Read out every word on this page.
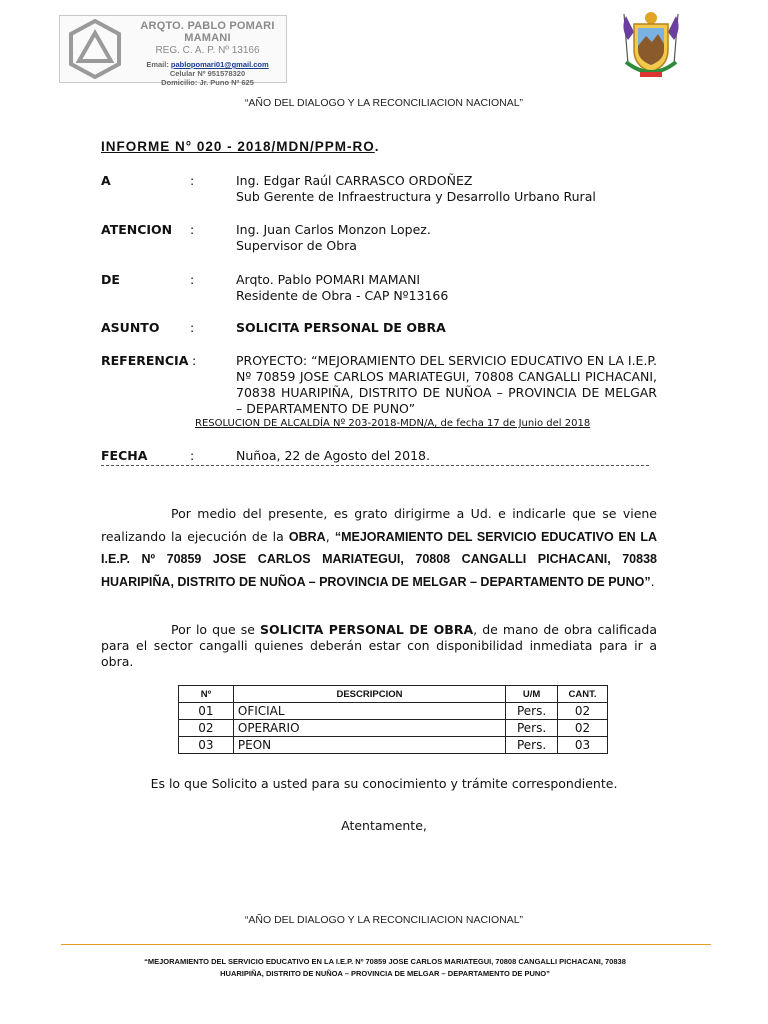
ARQTO. PABLO POMARI MAMANI
REG. C. A. P. Nº 13166
Email: pablopomari01@gmail.com
Celular Nº 951578320
Domicilio: Jr. Puno Nº 625
“AÑO DEL DIALOGO Y LA RECONCILIACION NACIONAL”
INFORME N° 020 - 2018/MDN/PPM-RO.
A	:	Ing. Edgar Raúl CARRASCO ORDOÑEZ
Sub Gerente de Infraestructura y Desarrollo Urbano Rural
ATENCION :	Ing. Juan Carlos Monzon Lopez.
Supervisor de Obra
DE	:	Arqto. Pablo POMARI MAMANI
Residente de Obra - CAP Nº13166
ASUNTO :	SOLICITA PERSONAL DE OBRA
REFERENCIA :	PROYECTO: “MEJORAMIENTO DEL SERVICIO EDUCATIVO EN LA I.E.P. Nº 70859 JOSE CARLOS MARIATEGUI, 70808 CANGALLI PICHACANI, 70838 HUARIPIÑA, DISTRITO DE NUÑOA – PROVINCIA DE MELGAR – DEPARTAMENTO DE PUNO”
RESOLUCION DE ALCALDÍA Nº 203-2018-MDN/A, de fecha 17 de Junio del 2018
FECHA	:	Nuñoa, 22 de Agosto del 2018.
Por medio del presente, es grato dirigirme a Ud. e indicarle que se viene realizando la ejecución de la OBRA, “MEJORAMIENTO DEL SERVICIO EDUCATIVO EN LA I.E.P. Nº 70859 JOSE CARLOS MARIATEGUI, 70808 CANGALLI PICHACANI, 70838 HUARIPIÑA, DISTRITO DE NUÑOA – PROVINCIA DE MELGAR – DEPARTAMENTO DE PUNO”.
Por lo que se SOLICITA PERSONAL DE OBRA, de mano de obra calificada para el sector cangalli quienes deberán estar con disponibilidad inmediata para ir a obra.
Nº	DESCRIPCION	U/M	CANT.
01	OFICIAL	Pers.	02
02	OPERARIO	Pers.	02
03	PEON	Pers.	03
Es lo que Solicito a usted para su conocimiento y trámite correspondiente.
Atentamente,
“AÑO DEL DIALOGO Y LA RECONCILIACION NACIONAL”
“MEJORAMIENTO DEL SERVICIO EDUCATIVO EN LA I.E.P. Nº 70859 JOSE CARLOS MARIATEGUI, 70808 CANGALLI PICHACANI, 70838
HUARIPIÑA, DISTRITO DE NUÑOA – PROVINCIA DE MELGAR – DEPARTAMENTO DE PUNO”
